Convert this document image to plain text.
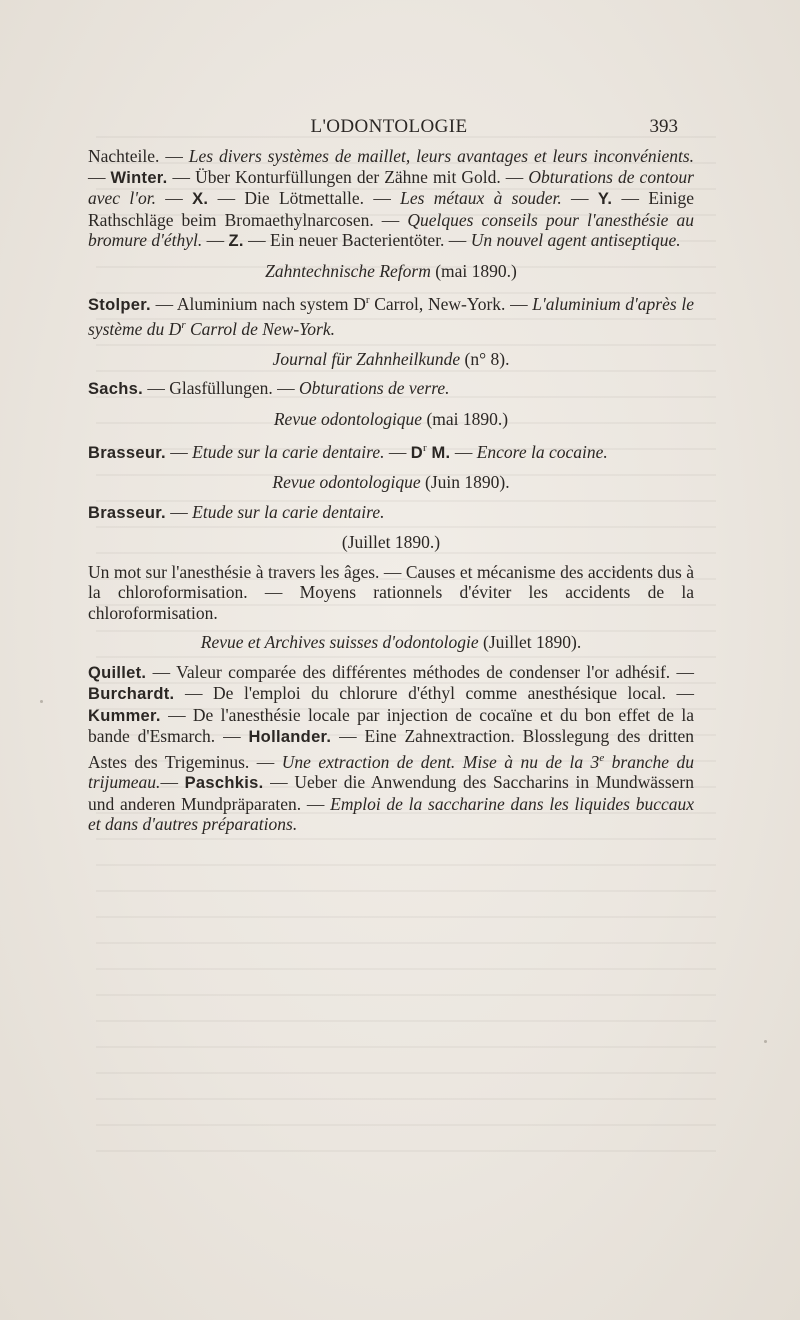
L'ODONTOLOGIE	393

Nachteile. — Les divers systèmes de maillet, leurs avantages et leurs inconvénients. — Winter. — Über Konturfüllungen der Zähne mit Gold. — Obturations de contour avec l'or. — X. — Die Lötmettalle. — Les métaux à souder. — Y. — Einige Rathschläge beim Bromaethylnarcosen. — Quelques conseils pour l'anesthésie au bromure d'éthyl. — Z. — Ein neuer Bacterientöter. — Un nouvel agent antiseptique.

Zahntechnische Reform (mai 1890.)

Stolper. — Aluminium nach system $D^r$ Carrol, New-York. — L'aluminium d'après le système du $D^r$ Carrol de New-York.

Journal für Zahnheilkunde (n° 8).

Sachs. — Glasfüllungen. — Obturations de verre.

Revue odontologique (mai 1890.)

Brasseur. — Etude sur la carie dentaire. — $D^r$ M. — Encore la cocaine.

Revue odontologique (Juin 1890).

Brasseur. — Etude sur la carie dentaire.

(Juillet 1890.)

Un mot sur l'anesthésie à travers les âges. — Causes et mécanisme des accidents dus à la chloroformisation. — Moyens rationnels d'éviter les accidents de la chloroformisation.

Revue et Archives suisses d'odontologie (Juillet 1890).

Quillet. — Valeur comparée des différentes méthodes de condenser l'or adhésif. — Burchardt. — De l'emploi du chlorure d'éthyl comme anesthésique local. — Kummer. — De l'anesthésie locale par injection de cocaïne et du bon effet de la bande d'Esmarch. — Hollander. — Eine Zahnextraction. Blosslegung des dritten Astes des Trigeminus. — Une extraction de dent. Mise à nu de la 3e branche du trijumeau.— Paschkis. — Ueber die Anwendung des Saccharins in Mundwässern und anderen Mundpräparaten. — Emploi de la saccharine dans les liquides buccaux et dans d'autres préparations.
